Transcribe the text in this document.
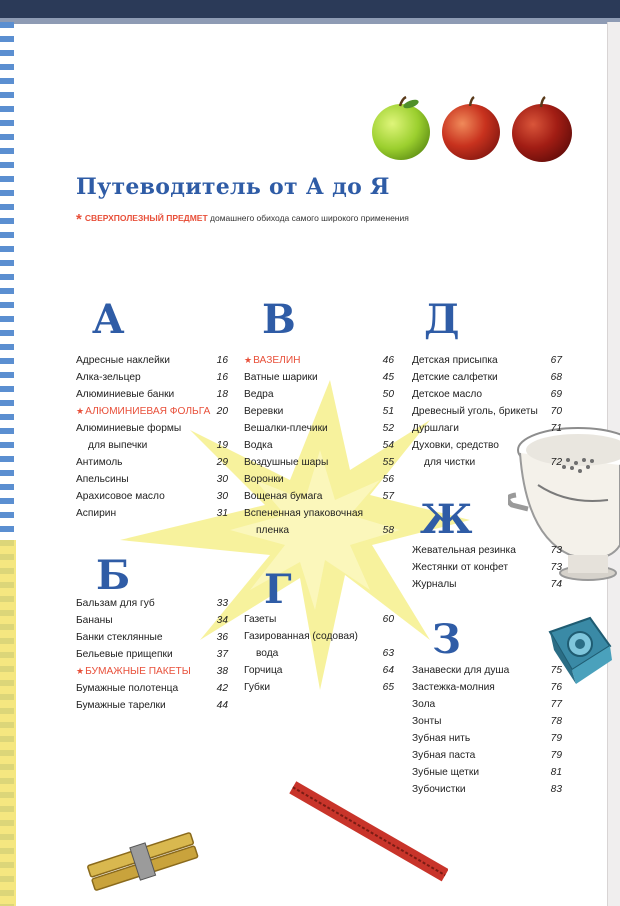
Путеводитель от А до Я
* СВЕРХПОЛЕЗНЫЙ ПРЕДМЕТ домашнего обихода самого широкого применения
А
Адресные наклейки	16
Алка-зельцер	16
Алюминиевые банки	18
★ АЛЮМИНИЕВАЯ ФОЛЬГА 20
Алюминиевые формы
для выпечки	19
Антимоль	29
Апельсины	30
Арахисовое масло	30
Аспирин	31
Б
Бальзам для губ	33
Бананы	34
Банки стеклянные	36
Бельевые прищепки	37
★ БУМАЖНЫЕ ПАКЕТЫ	38
Бумажные полотенца	42
Бумажные тарелки	44
В
★ ВАЗЕЛИН	46
Ватные шарики	45
Ведра	50
Веревки	51
Вешалки-плечики	52
Водка	54
Воздушные шары	55
Воронки	56
Вощеная бумага	57
Вспененная упаковочная
пленка	58
Г
Газеты	60
Газированная (содовая)
вода	63
Горчица	64
Губки	65
Д
Детская присыпка	67
Детские салфетки	68
Детское масло	69
Древесный уголь, брикеты 70
Дуршлаги	71
Духовки, средство
для чистки	72
Ж
Жевательная резинка	73
Жестянки от конфет	73
Журналы	74
З
Занавески для душа	75
Застежка-молния	76
Зола	77
Зонты	78
Зубная нить	79
Зубная паста	79
Зубные щетки	81
Зубочистки	83
